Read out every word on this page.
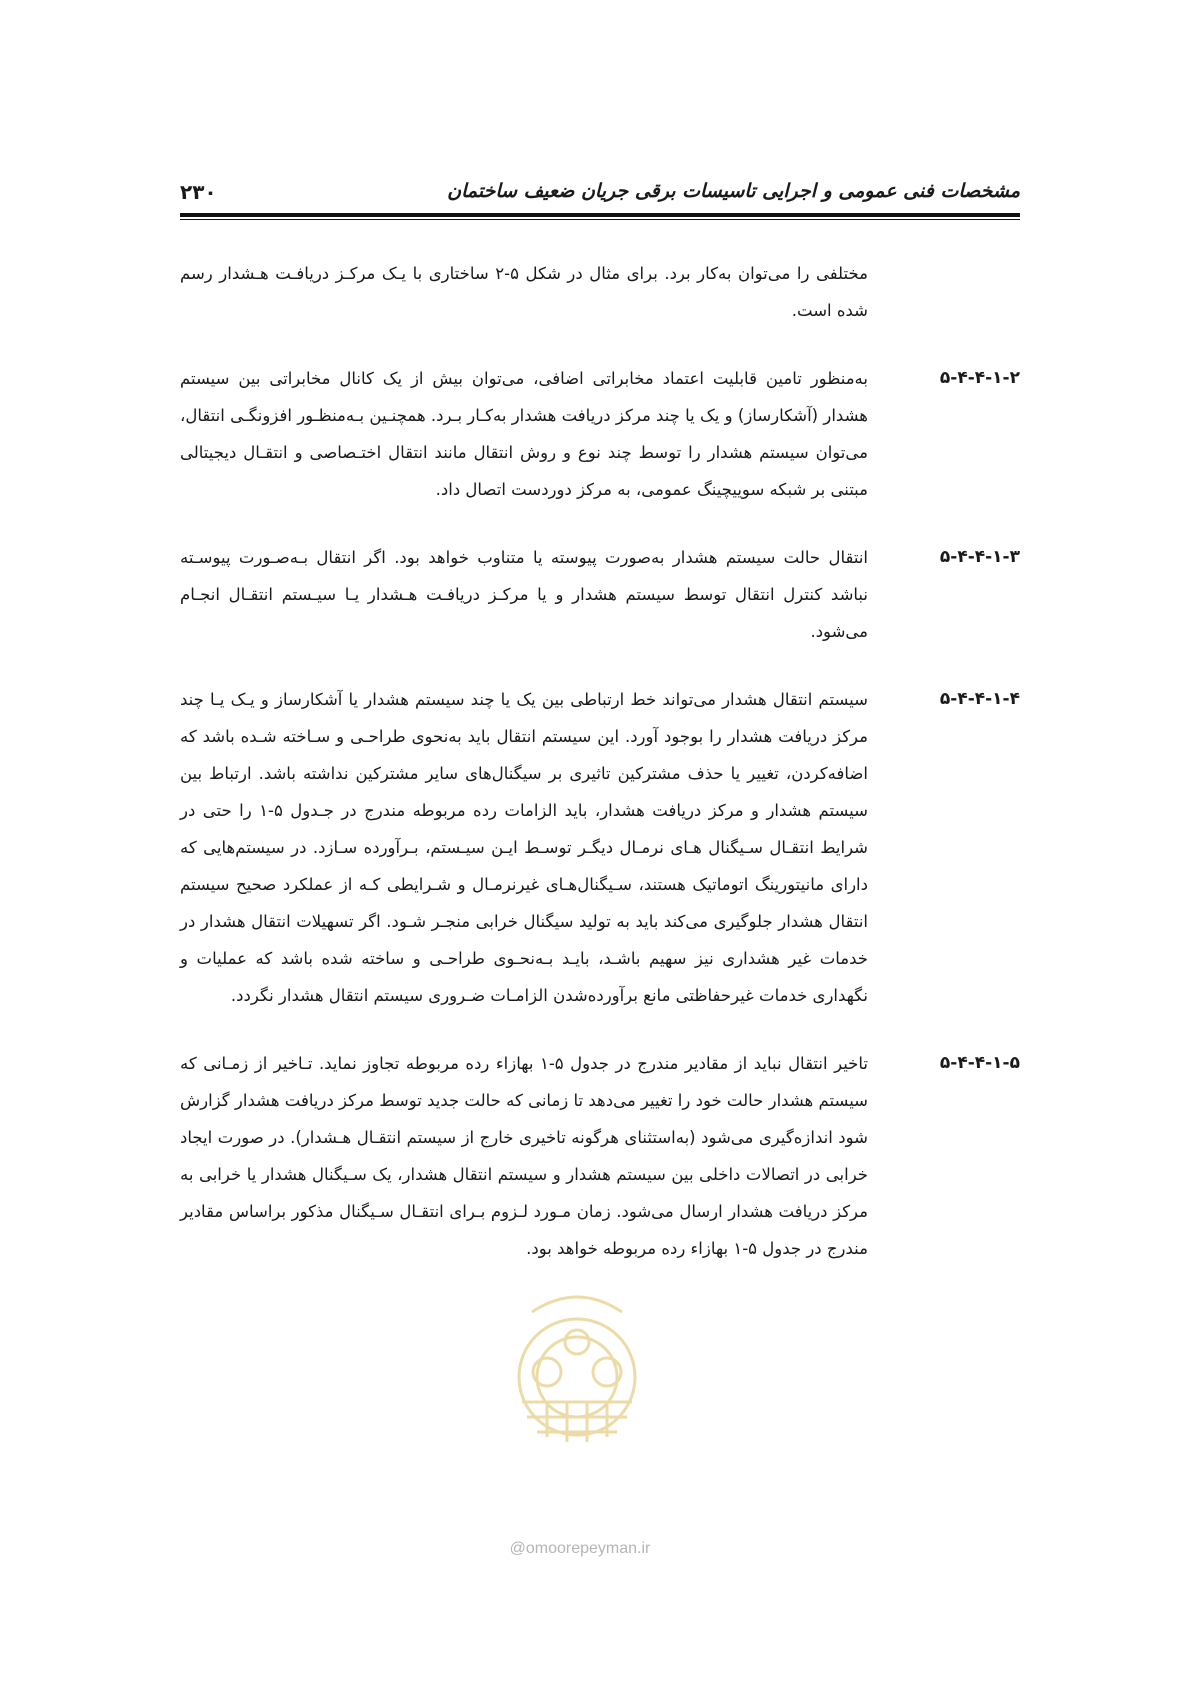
۲۳۰	مشخصات فنی عمومی و اجرایی تاسیسات برقی جریان ضعیف ساختمان

مختلفی را می‌توان به‌کار برد. برای مثال در شکل ۵-۲ ساختاری با یـک مرکـز دریافـت هـشدار رسم شده است.

۵-۴-۴-۱-۲

به‌منظور تامین قابلیت اعتماد مخابراتی اضافی، می‌توان بیش از یک کانال مخابراتی بین سیستم هشدار (آشکارساز) و یک یا چند مرکز دریافت هشدار به‌کـار بـرد. همچنـین بـه‌منظـور افزونگـی انتقال، می‌توان سیستم هشدار را توسط چند نوع و روش انتقال مانند انتقال اختـصاصی و انتقـال دیجیتالی مبتنی بر شبکه سوییچینگ عمومی، به مرکز دوردست اتصال داد.

۵-۴-۴-۱-۳

انتقال حالت سیستم هشدار به‌صورت پیوسته یا متناوب خواهد بود. اگر انتقال بـه‌صـورت پیوسـته نباشد کنترل انتقال توسط سیستم هشدار و یا مرکـز دریافـت هـشدار یـا سیـستم انتقـال انجـام می‌شود.

۵-۴-۴-۱-۴

سیستم انتقال هشدار می‌تواند خط ارتباطی بین یک یا چند سیستم هشدار یا آشکارساز و یـک یـا چند مرکز دریافت هشدار را بوجود آورد. این سیستم انتقال باید به‌نحوی طراحـی و سـاخته شـده باشد که اضافه‌کردن، تغییر یا حذف مشترکین تاثیری بر سیگنال‌های سایر مشترکین نداشته باشد. ارتباط بین سیستم هشدار و مرکز دریافت هشدار، باید الزامات رده مربوطه مندرج در جـدول ۵-۱ را حتی در شرایط انتقـال سـیگنال هـای نرمـال دیگـر توسـط ایـن سیـستم، بـرآورده سـازد. در سیستم‌هایی که دارای مانیتورینگ اتوماتیک هستند، سـیگنال‌هـای غیرنرمـال و شـرایطی کـه از عملکرد صحیح سیستم انتقال هشدار جلوگیری می‌کند باید به تولید سیگنال خرابی منجـر شـود. اگر تسهیلات انتقال هشدار در خدمات غیر هشداری نیز سهیم باشـد، بایـد بـه‌نحـوی طراحـی و ساخته شده باشد که عملیات و نگهداری خدمات غیرحفاظتی مانع برآورده‌شدن الزامـات ضـروری سیستم انتقال هشدار نگردد.

۵-۴-۴-۱-۵

تاخیر انتقال نباید از مقادیر مندرج در جدول ۵-۱ بهازاء رده مربوطه تجاوز نماید. تـاخیر از زمـانی که سیستم هشدار حالت خود را تغییر می‌دهد تا زمانی که حالت جدید توسط مرکز دریافت هشدار گزارش شود اندازه‌گیری می‌شود (به‌استثنای هرگونه تاخیری خارج از سیستم انتقـال هـشدار). در صورت ایجاد خرابی در اتصالات داخلی بین سیستم هشدار و سیستم انتقال هشدار، یک سـیگنال هشدار یا خرابی به مرکز دریافت هشدار ارسال می‌شود. زمان مـورد لـزوم بـرای انتقـال سـیگنال مذکور براساس مقادیر مندرج در جدول ۵-۱ بهازاء رده مربوطه خواهد بود.

@omoorepeyman.ir
